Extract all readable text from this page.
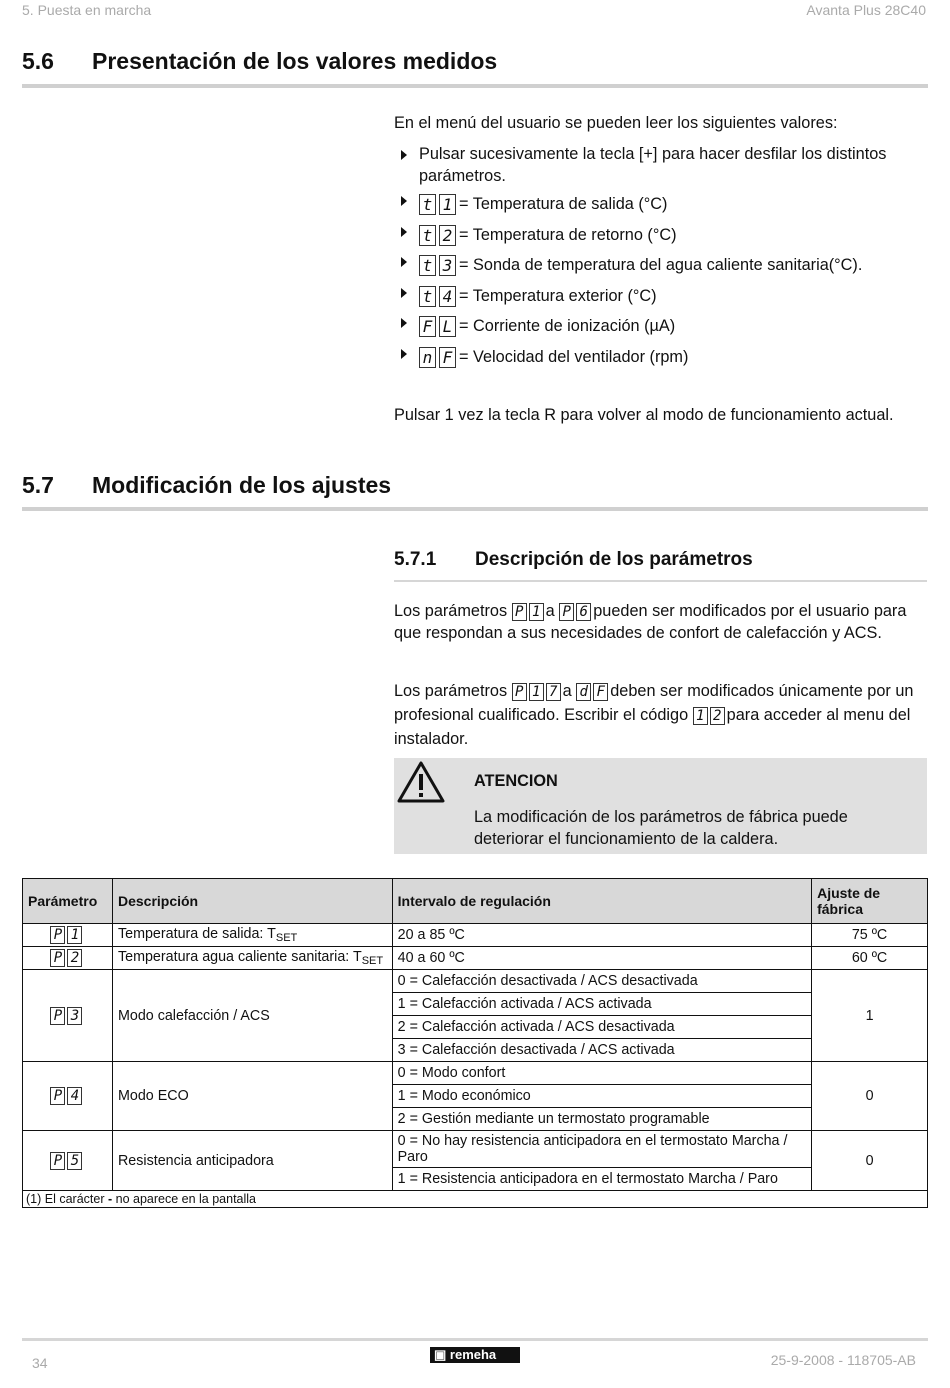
5. Puesta en marcha	Avanta Plus 28C40
5.6 Presentación de los valores medidos
En el menú del usuario se pueden leer los siguientes valores:
Pulsar sucesivamente la tecla [+] para hacer desfilar los distintos parámetros.
t 1 = Temperatura de salida (°C)
t 2 = Temperatura de retorno (°C)
t 3 = Sonda de temperatura del agua caliente sanitaria(°C).
t 4 = Temperatura exterior (°C)
F L = Corriente de ionización (µA)
n F = Velocidad del ventilador (rpm)
Pulsar 1 vez la tecla R para volver al modo de funcionamiento actual.
5.7 Modificación de los ajustes
5.7.1 Descripción de los parámetros
Los parámetros P 1 a P 6 pueden ser modificados por el usuario para que respondan a sus necesidades de confort de calefacción y ACS.
Los parámetros P 1 7 a d F deben ser modificados únicamente por un profesional cualificado. Escribir el código 1 2 para acceder al menu del instalador.
ATENCION
La modificación de los parámetros de fábrica puede deteriorar el funcionamiento de la caldera.
Parámetro	Descripción	Intervalo de regulación	Ajuste de fábrica
P 1	Temperatura de salida: $T_{SET}$	20 a 85 ºC	75 ºC
P 2	Temperatura agua caliente sanitaria: $T_{SET}$	40 a 60 ºC	60 ºC
P 3	Modo calefacción / ACS	0 = Calefacción desactivada / ACS desactivada	1
		1 = Calefacción activada / ACS activada	
		2 = Calefacción activada / ACS desactivada	
		3 = Calefacción desactivada / ACS activada	
P 4	Modo ECO	0 = Modo confort	0
		1 = Modo económico	
		2 = Gestión mediante un termostato programable	
P 5	Resistencia anticipadora	0 = No hay resistencia anticipadora en el termostato Marcha / Paro	0
		1 = Resistencia anticipadora en el termostato Marcha / Paro	
(1) El carácter - no aparece en la pantalla			
34
▣ remeha	25-9-2008 - 118705-AB
